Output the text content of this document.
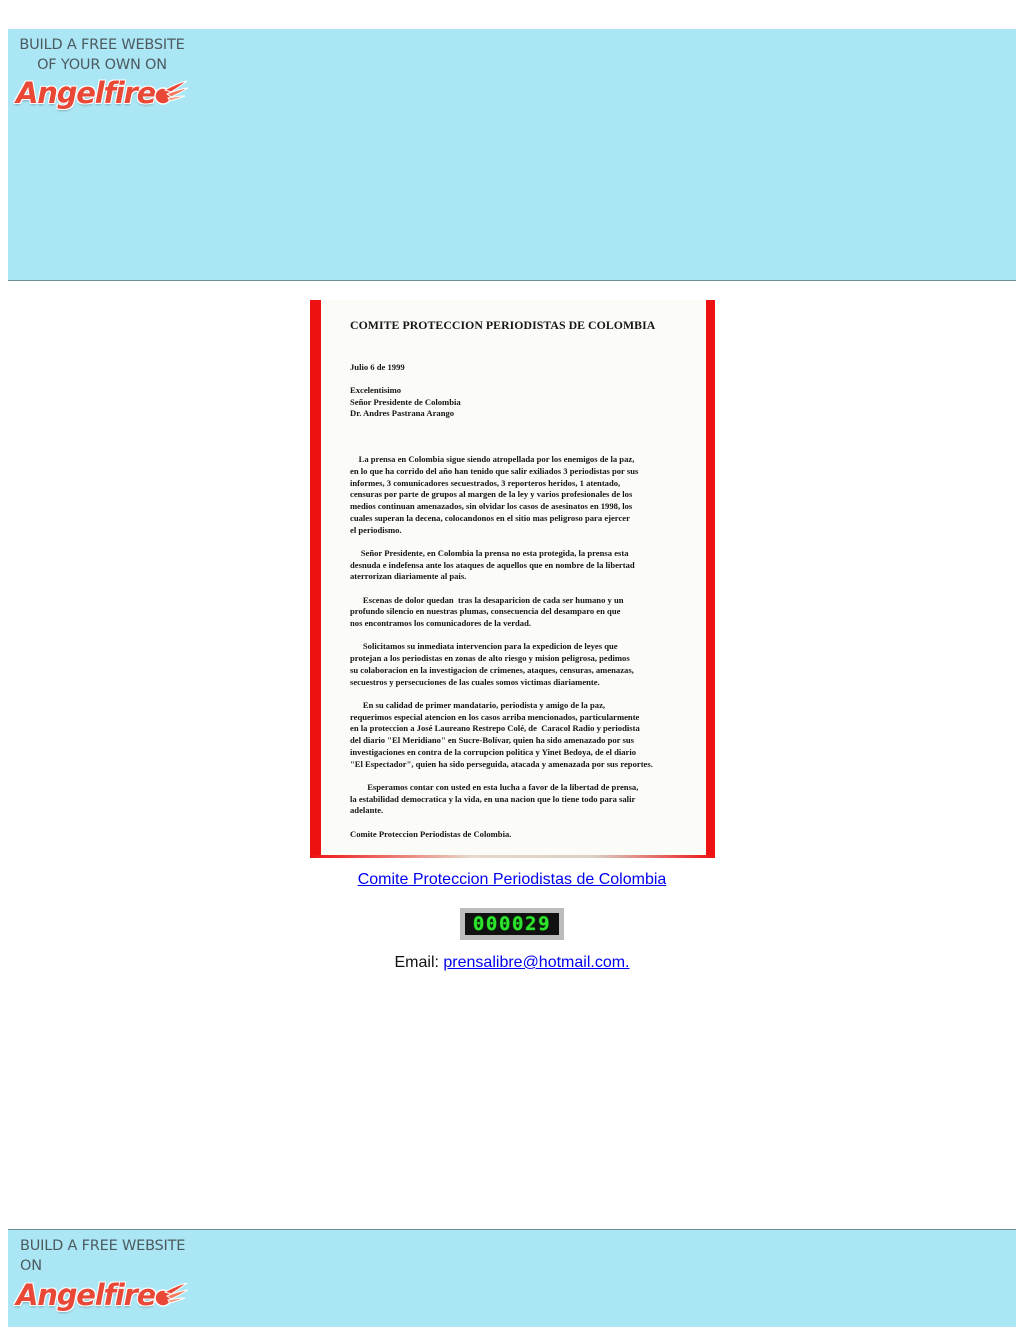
BUILD A FREE WEBSITE
OF YOUR OWN ON
Angelfire
COMITE PROTECCION PERIODISTAS DE COLOMBIA
Julio 6 de 1999
Excelentisimo
Señor Presidente de Colombia
Dr. Andres Pastrana Arango
La prensa en Colombia sigue siendo atropellada por los enemigos de la paz,
en lo que ha corrido del año han tenido que salir exiliados 3 periodistas por sus
informes, 3 comunicadores secuestrados, 3 reporteros heridos, 1 atentado,
censuras por parte de grupos al margen de la ley y varios profesionales de los
medios continuan amenazados, sin olvidar los casos de asesinatos en 1998, los
cuales superan la decena, colocandonos en el sitio mas peligroso para ejercer
el periodismo.
Señor Presidente, en Colombia la prensa no esta protegida, la prensa esta
desnuda e indefensa ante los ataques de aquellos que en nombre de la libertad
aterrorizan diariamente al país.
Escenas de dolor quedan  tras la desaparicion de cada ser humano y un
profundo silencio en nuestras plumas, consecuencia del desamparo en que
nos encontramos los comunicadores de la verdad.
Solicitamos su inmediata intervencion para la expedicion de leyes que
protejan a los periodistas en zonas de alto riesgo y mision peligrosa, pedimos
su colaboracion en la investigacion de crimenes, ataques, censuras, amenazas,
secuestros y persecuciones de las cuales somos victimas diariamente.
En su calidad de primer mandatario, periodista y amigo de la paz,
requerimos especial atencion en los casos arriba mencionados, particularmente
en la proteccion a José Laureano Restrepo Colé, de  Caracol Radio y periodista
del diario "El Meridiano" en Sucre-Bolívar, quien ha sido amenazado por sus
investigaciones en contra de la corrupcion politica y Yinet Bedoya, de el diario
"El Espectador", quien ha sido perseguida, atacada y amenazada por sus reportes.
Esperamos contar con usted en esta lucha a favor de la libertad de prensa,
la estabilidad democratica y la vida, en una nacion que lo tiene todo para salir
adelante.
Comite Proteccion Periodistas de Colombia.
Comite Proteccion Periodistas de Colombia
000029
Email: prensalibre@hotmail.com.
BUILD A FREE WEBSITE ON
Angelfire
